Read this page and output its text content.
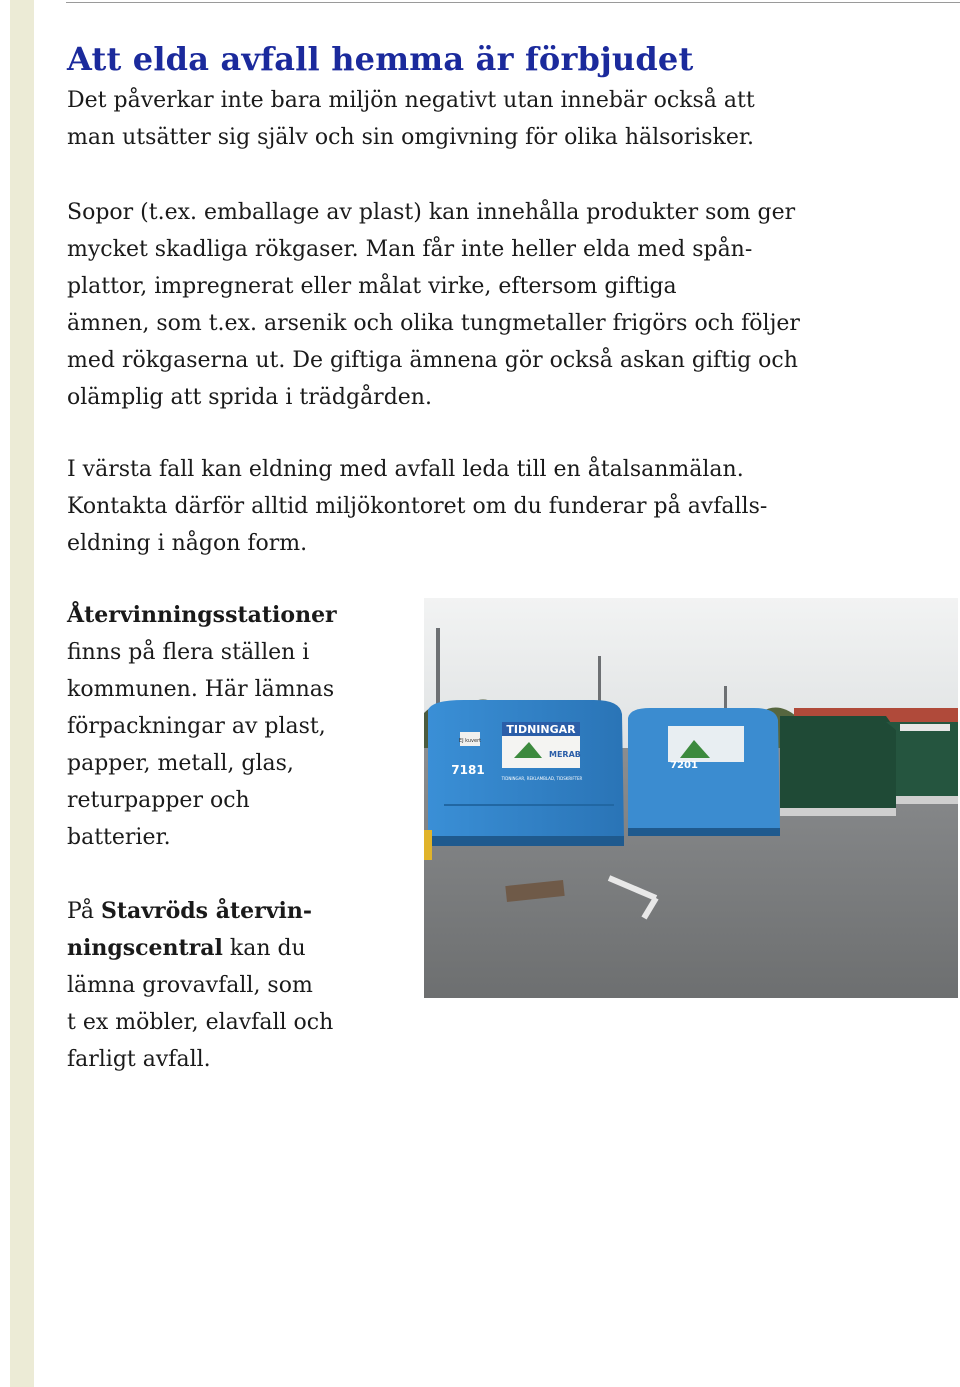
Att elda avfall hemma är förbjudet

Det påverkar inte bara miljön negativt utan innebär också att
man utsätter sig själv och sin omgivning för olika hälsorisker.

Sopor (t.ex. emballage av plast) kan innehålla produkter som ger
mycket skadliga rökgaser. Man får inte heller elda med spån-
plattor, impregnerat eller målat virke, eftersom giftiga
ämnen, som t.ex. arsenik och olika tungmetaller frigörs och följer
med rökgaserna ut. De giftiga ämnena gör också askan giftig och
olämplig att sprida i trädgården.

I värsta fall kan eldning med avfall leda till en åtalsanmälan.
Kontakta därför alltid miljökontoret om du funderar på avfalls-
eldning i någon form.

Återvinningsstationer
finns på flera ställen i
kommunen. Här lämnas
förpackningar av plast,
papper, metall, glas,
returpapper och
batterier.

På Stavröds återvin-
ningscentral kan du
lämna grovavfall, som
t ex möbler, elavfall och
farligt avfall.

TIDNINGAR
MERAB
EJ kuvert
7181
TIDNINGAR, REKLAMBLAD, TIDSKRIFTER
7201
